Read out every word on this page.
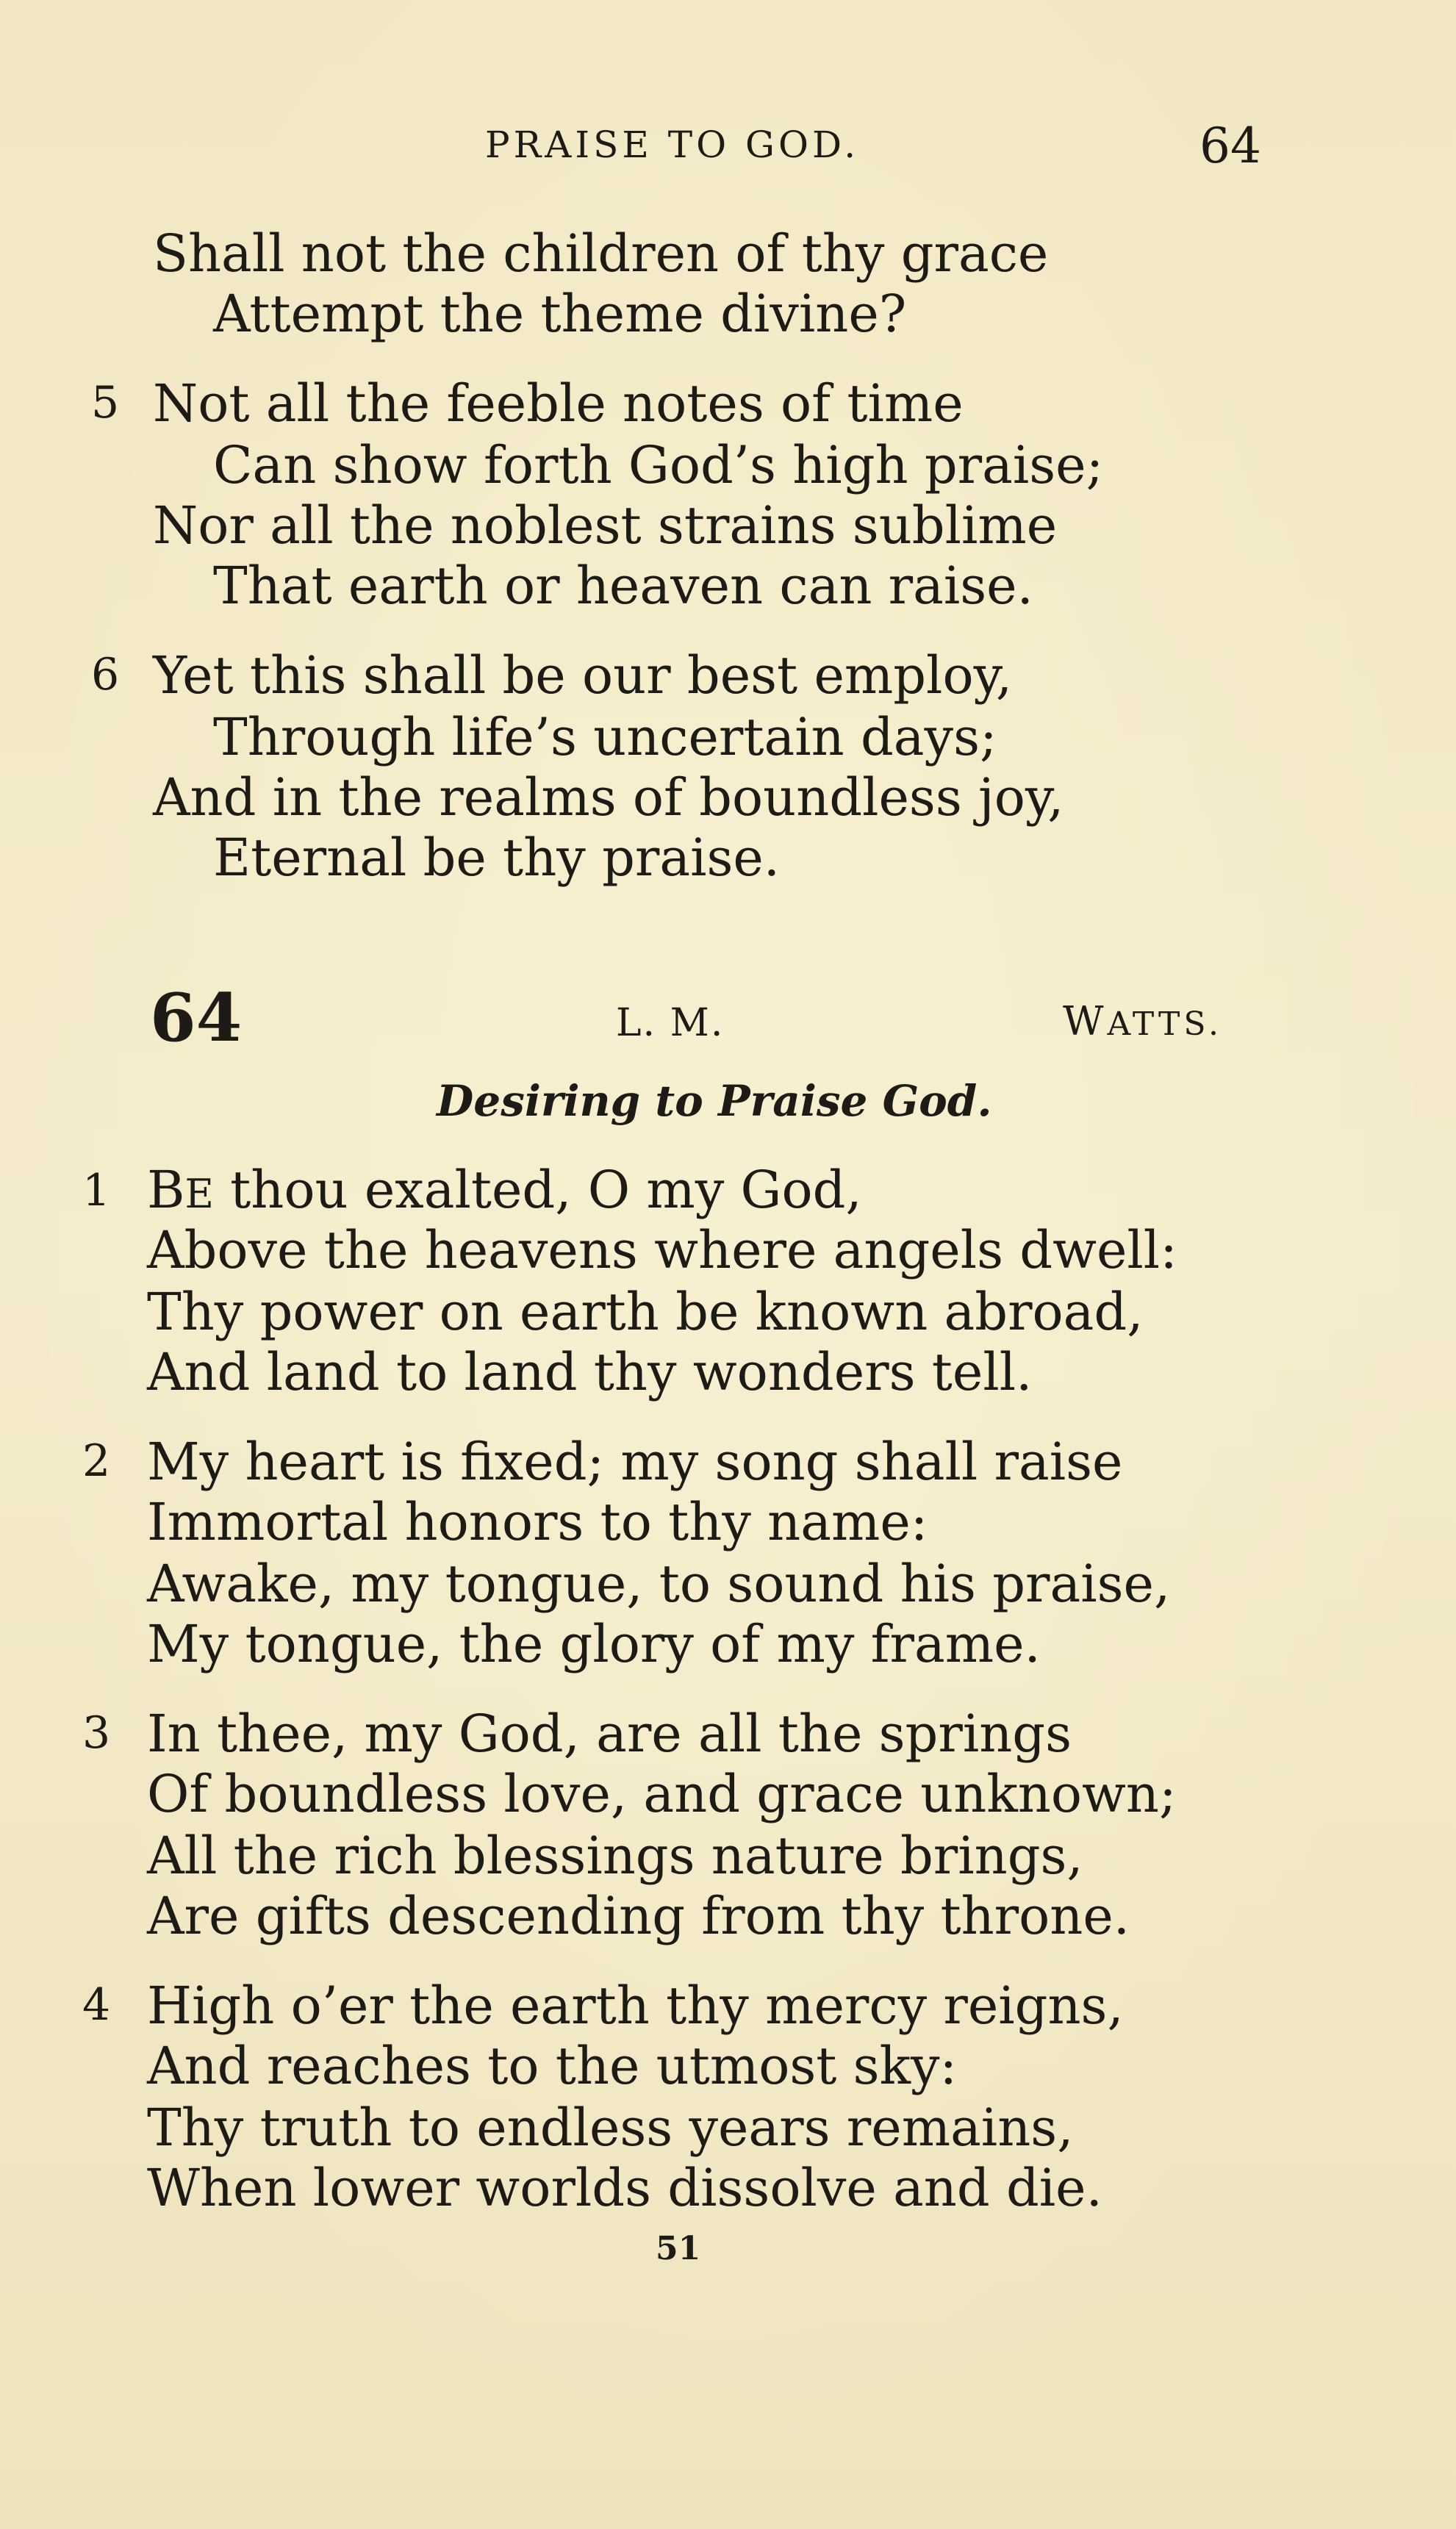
PRAISE TO GOD.	64
Shall not the children of thy grace
Attempt the theme divine?
5 Not all the feeble notes of time
Can show forth God’s high praise;
Nor all the noblest strains sublime
That earth or heaven can raise.
6 Yet this shall be our best employ,
Through life’s uncertain days;
And in the realms of boundless joy,
Eternal be thy praise.
64	L. M.	WATTS.
Desiring to Praise God.
1 BE thou exalted, O my God,
Above the heavens where angels dwell:
Thy power on earth be known abroad,
And land to land thy wonders tell.
2 My heart is fixed; my song shall raise
Immortal honors to thy name:
Awake, my tongue, to sound his praise,
My tongue, the glory of my frame.
3 In thee, my God, are all the springs
Of boundless love, and grace unknown;
All the rich blessings nature brings,
Are gifts descending from thy throne.
4 High o’er the earth thy mercy reigns,
And reaches to the utmost sky:
Thy truth to endless years remains,
When lower worlds dissolve and die.
51
